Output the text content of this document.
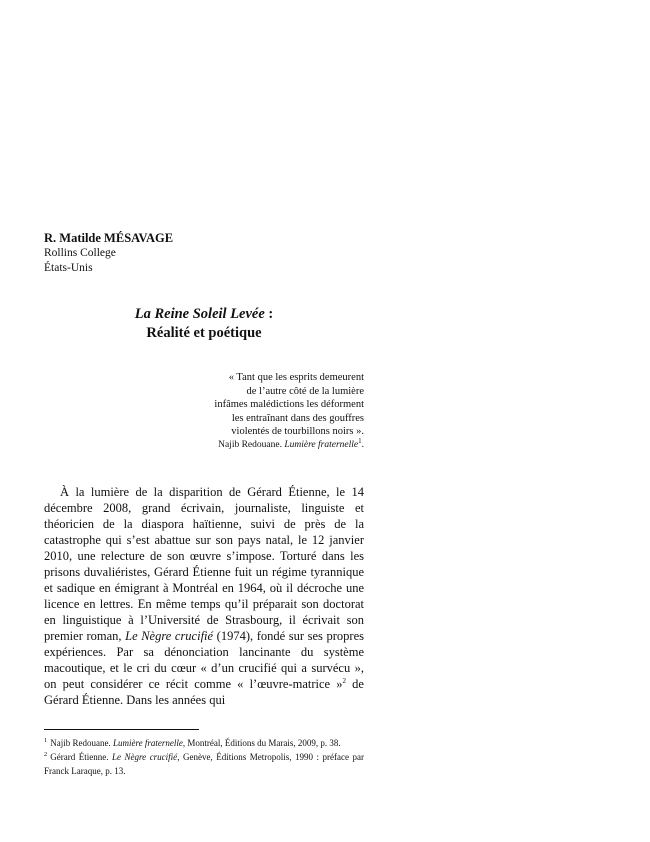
R. Matilde MÉSAVAGE
Rollins College
États-Unis
La Reine Soleil Levée :
Réalité et poétique
« Tant que les esprits demeurent
de l’autre côté de la lumière
infâmes malédictions les déforment
les entraînant dans des gouffres
violentés de tourbillons noirs ».
Najib Redouane. Lumière fraternelle$^1$.

À la lumière de la disparition de Gérard Étienne, le 14 décembre 2008, grand écrivain, journaliste, linguiste et théoricien de la diaspora haïtienne, suivi de près de la catastrophe qui s’est abattue sur son pays natal, le 12 janvier 2010, une relecture de son œuvre s’impose. Torturé dans les prisons duvaliéristes, Gérard Étienne fuit un régime tyrannique et sadique en émigrant à Montréal en 1964, où il décroche une licence en lettres. En même temps qu’il préparait son doctorat en linguistique à l’Université de Strasbourg, il écrivait son premier roman, Le Nègre crucifié (1974), fondé sur ses propres expériences. Par sa dénonciation lancinante du système macoutique, et le cri du cœur « d’un crucifié qui a survécu », on peut considérer ce récit comme « l’œuvre-matrice »$^2$ de Gérard Étienne. Dans les années qui

$^1$ Najib Redouane. Lumière fraternelle, Montréal, Éditions du Marais, 2009, p. 38.
$^2$ Gérard Étienne. Le Nègre crucifié, Genève, Éditions Metropolis, 1990 : préface par Franck Laraque, p. 13.
